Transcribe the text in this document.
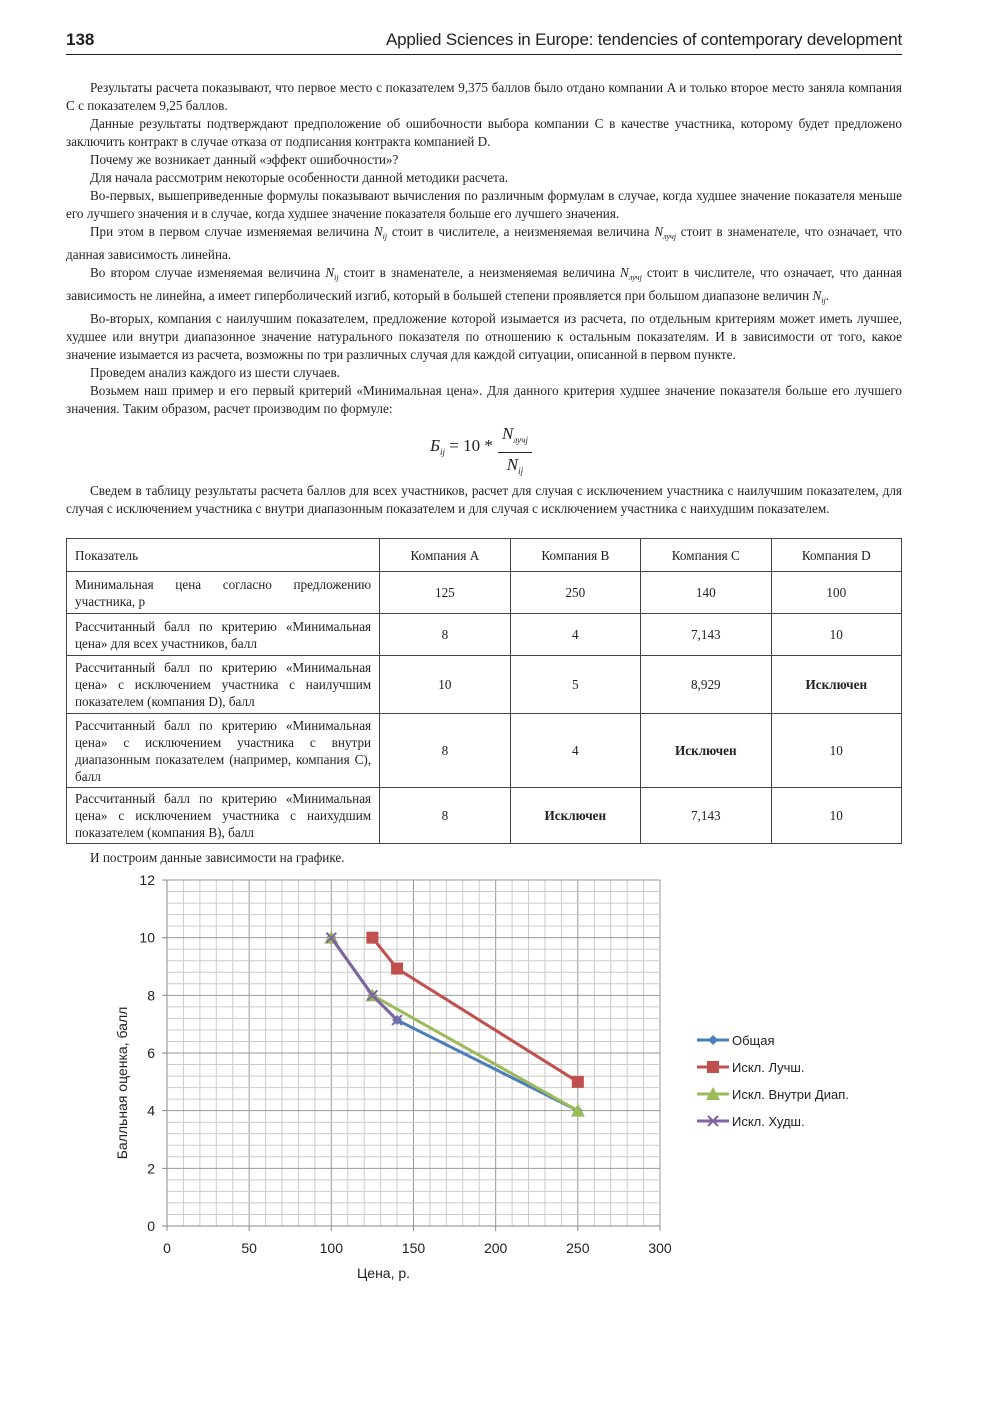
138	Applied Sciences in Europe: tendencies of contemporary development

Результаты расчета показывают, что первое место с показателем 9,375 баллов было отдано компании A и только второе место заняла компания C с показателем 9,25 баллов.

Данные результаты подтверждают предположение об ошибочности выбора компании C в качестве участника, которому будет предложено заключить контракт в случае отказа от подписания контракта компанией D.

Почему же возникает данный «эффект ошибочности»?

Для начала рассмотрим некоторые особенности данной методики расчета.

Во-первых, вышеприведенные формулы показывают вычисления по различным формулам в случае, когда худшее значение показателя меньше его лучшего значения и в случае, когда худшее значение показателя больше его лучшего значения.

При этом в первом случае изменяемая величина $N_{ij}$ стоит в числителе, а неизменяемая величина $N_{лучj}$ стоит в знаменателе, что означает, что данная зависимость линейна.

Во втором случае изменяемая величина $N_{ij}$ стоит в знаменателе, а неизменяемая величина $N_{лучj}$ стоит в числителе, что означает, что данная зависимость не линейна, а имеет гиперболический изгиб, который в большей степени проявляется при большом диапазоне величин $N_{ij}$.

Во-вторых, компания с наилучшим показателем, предложение которой изымается из расчета, по отдельным критериям может иметь лучшее, худшее или внутри диапазонное значение натурального показателя по отношению к остальным показателям. И в зависимости от того, какое значение изымается из расчета, возможны по три различных случая для каждой ситуации, описанной в первом пункте.

Проведем анализ каждого из шести случаев.

Возьмем наш пример и его первый критерий «Минимальная цена». Для данного критерия худшее значение показателя больше его лучшего значения. Таким образом, расчет производим по формуле:

$Б_{ij} = 10$ *
$N_{лучj}$
$N_{ij}$

Сведем в таблицу результаты расчета баллов для всех участников, расчет для случая с исключением участника с наилучшим показателем, для случая с исключением участника с внутри диапазонным показателем и для случая с исключением участника с наихудшим показателем.

Показатель	Компания A	Компания B	Компания C	Компания D
Минимальная цена согласно предложению участника, р	125	250	140	100
Рассчитанный балл по критерию «Минимальная цена» для всех участников, балл	8	4	7,143	10
Рассчитанный балл по критерию «Минимальная цена» с исключением участника с наилучшим показателем (компания D), балл	10	5	8,929	Исключен
Рассчитанный балл по критерию «Минимальная цена» с исключением участника с внутри диапазонным показателем (например, компания C), балл	8	4	Исключен	10
Рассчитанный балл по критерию «Минимальная цена» с исключением участника с наихудшим показателем (компания B), балл	8	Исключен	7,143	10
И построим данные зависимости на графике.
0	50	100	150	200	250	300
0
2
4
6
8
10
12
Общая
Искл. Лучш.
Искл. Внутри Диап.
Искл. Худш.
Цена, р.
Балльная оценка, балл
